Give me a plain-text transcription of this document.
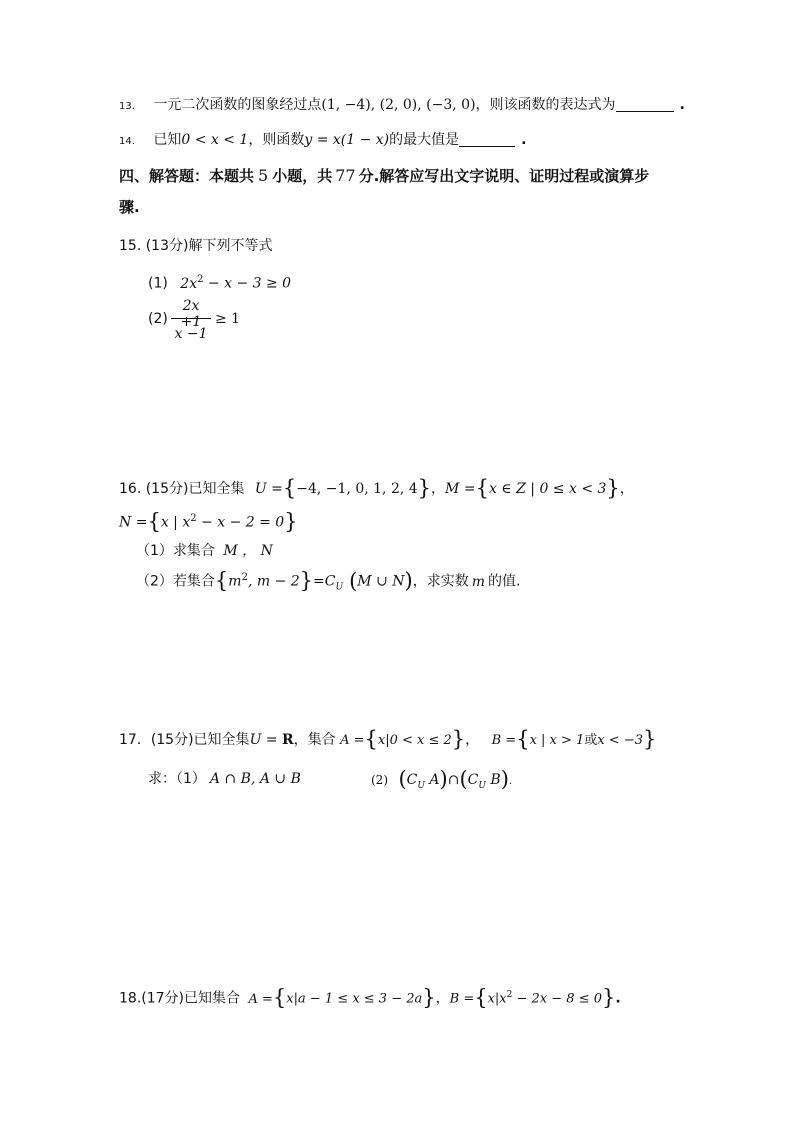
13. 一元二次函数的图象经过点(1, −4), (2, 0), (−3, 0)，则该函数的表达式为	.
14. 已知0 < x < 1，则函数y = x(1 − x)的最大值是	.
四、解答题：本题共 5 小题，共 77 分.解答应写出文字说明、证明过程或演算步
骤.
15. (13分)解下列不等式
(1) $2x^2 - x - 3 \ge 0$
(2)
2x +1
x −1
≥ 1
16. (15分)已知全集 U ={−4, −1, 0, 1, 2, 4}，M ={x ∈ Z | 0 ≤ x < 3}，
N ={x | $x^2 - x - 2 = 0$}
（1）求集合 M ， N
（2）若集合{$m^2$, $m - 2\}=C_U$ (M ∪ N)，求实数 m 的值.
17．(15分)已知全集U = R，集合 A ={x|0 < x ≤ 2}， B ={x | x > 1或x < −3}
求：（1） A ∩ B, A ∪ B	(2) ($C_U$ $A)\cap(C_U$ B).
18.(17分)已知集合 A ={x|a − 1 ≤ x ≤ 3 − 2a}，$B =\{x|x^2 - 2x - 8 \le 0\}$.
